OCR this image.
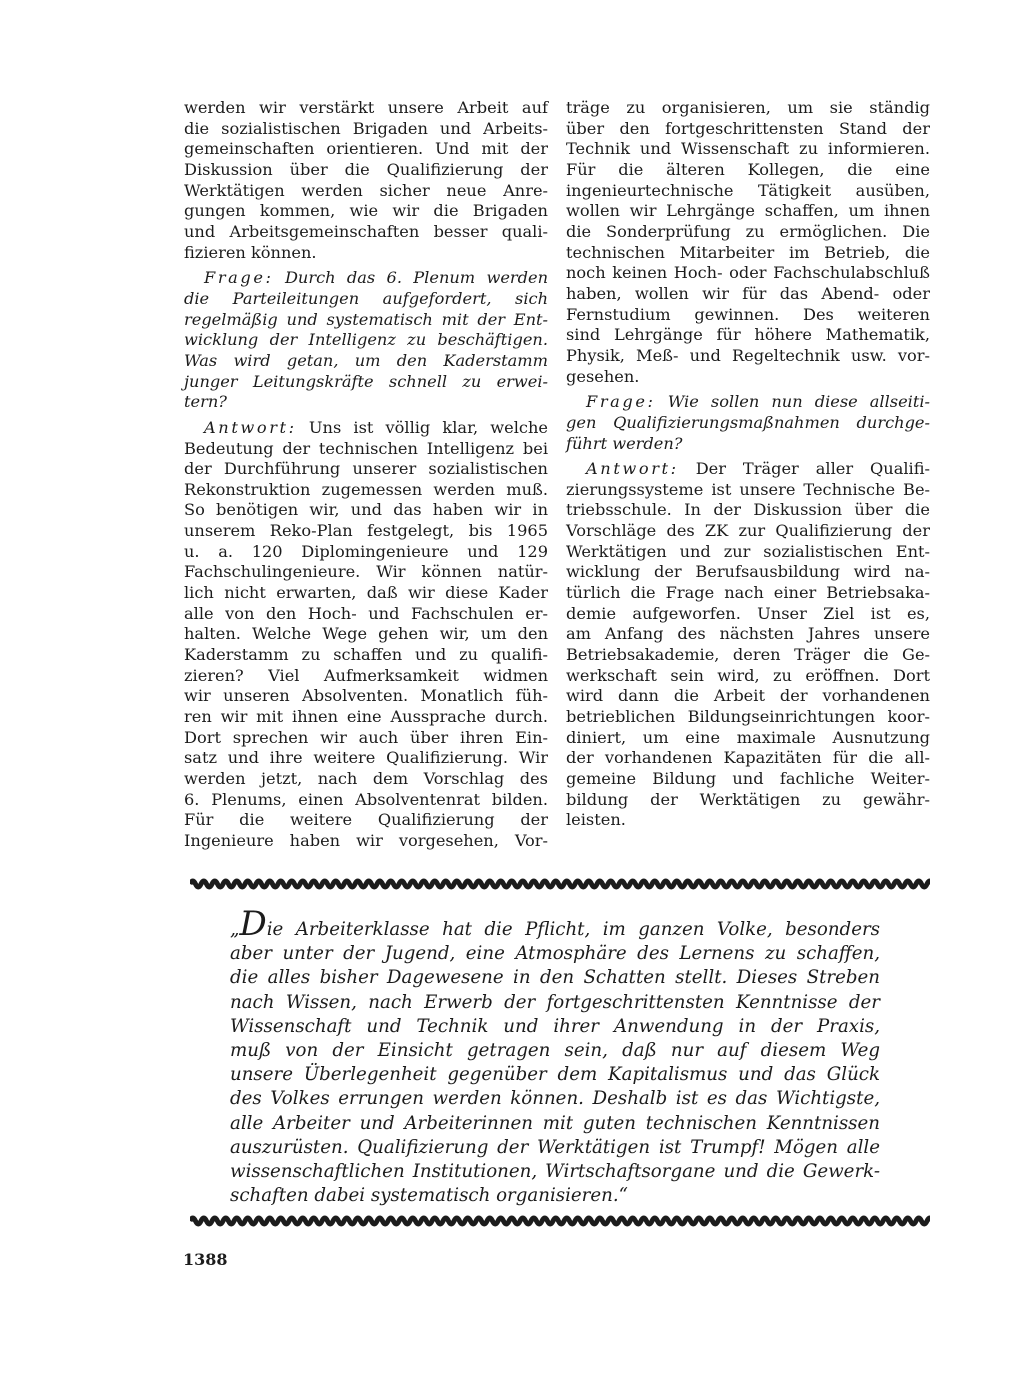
werden wir verstärkt unsere Arbeit auf

die sozialistischen Brigaden und Arbeits-

gemeinschaften orientieren. Und mit der

Diskussion über die Qualifizierung der

Werktätigen werden sicher neue Anre-

gungen kommen, wie wir die Brigaden

und Arbeitsgemeinschaften besser quali-

fizieren können.

Frage: Durch das 6. Plenum werden

die Parteileitungen aufgefordert, sich

regelmäßig und systematisch mit der Ent-

wicklung der Intelligenz zu beschäftigen.

Was wird getan, um den Kaderstamm

junger Leitungskräfte schnell zu erwei-

tern?

Antwort: Uns ist völlig klar, welche

Bedeutung der technischen Intelligenz bei

der Durchführung unserer sozialistischen

Rekonstruktion zugemessen werden muß.

So benötigen wir, und das haben wir in

unserem Reko-Plan festgelegt, bis 1965

u. a. 120 Diplomingenieure und 129

Fachschulingenieure. Wir können natür-

lich nicht erwarten, daß wir diese Kader

alle von den Hoch- und Fachschulen er-

halten. Welche Wege gehen wir, um den

Kaderstamm zu schaffen und zu qualifi-

zieren? Viel Aufmerksamkeit widmen

wir unseren Absolventen. Monatlich füh-

ren wir mit ihnen eine Aussprache durch.

Dort sprechen wir auch über ihren Ein-

satz und ihre weitere Qualifizierung. Wir

werden jetzt, nach dem Vorschlag des

6. Plenums, einen Absolventenrat bilden.

Für die weitere Qualifizierung der

Ingenieure haben wir vorgesehen, Vor-

träge zu organisieren, um sie ständig

über den fortgeschrittensten Stand der

Technik und Wissenschaft zu informieren.

Für die älteren Kollegen, die eine

ingenieurtechnische Tätigkeit ausüben,

wollen wir Lehrgänge schaffen, um ihnen

die Sonderprüfung zu ermöglichen. Die

technischen Mitarbeiter im Betrieb, die

noch keinen Hoch- oder Fachschulabschluß

haben, wollen wir für das Abend- oder

Fernstudium gewinnen. Des weiteren

sind Lehrgänge für höhere Mathematik,

Physik, Meß- und Regeltechnik usw. vor-

gesehen.

Frage: Wie sollen nun diese allseiti-

gen Qualifizierungsmaßnahmen durchge-

führt werden?

Antwort: Der Träger aller Qualifi-

zierungssysteme ist unsere Technische Be-

triebsschule. In der Diskussion über die

Vorschläge des ZK zur Qualifizierung der

Werktätigen und zur sozialistischen Ent-

wicklung der Berufsausbildung wird na-

türlich die Frage nach einer Betriebsaka-

demie aufgeworfen. Unser Ziel ist es,

am Anfang des nächsten Jahres unsere

Betriebsakademie, deren Träger die Ge-

werkschaft sein wird, zu eröffnen. Dort

wird dann die Arbeit der vorhandenen

betrieblichen Bildungseinrichtungen koor-

diniert, um eine maximale Ausnutzung

der vorhandenen Kapazitäten für die all-

gemeine Bildung und fachliche Weiter-

bildung der Werktätigen zu gewähr-

leisten.

„Die Arbeiterklasse hat die Pflicht, im ganzen Volke, besonders

aber unter der Jugend, eine Atmosphäre des Lernens zu schaffen,

die alles bisher Dagewesene in den Schatten stellt. Dieses Streben

nach Wissen, nach Erwerb der fortgeschrittensten Kenntnisse der

Wissenschaft und Technik und ihrer Anwendung in der Praxis,

muß von der Einsicht getragen sein, daß nur auf diesem Weg

unsere Überlegenheit gegenüber dem Kapitalismus und das Glück

des Volkes errungen werden können. Deshalb ist es das Wichtigste,

alle Arbeiter und Arbeiterinnen mit guten technischen Kenntnissen

auszurüsten. Qualifizierung der Werktätigen ist Trumpf! Mögen alle

wissenschaftlichen Institutionen, Wirtschaftsorgane und die Gewerk-

schaften dabei systematisch organisieren.“

1388
